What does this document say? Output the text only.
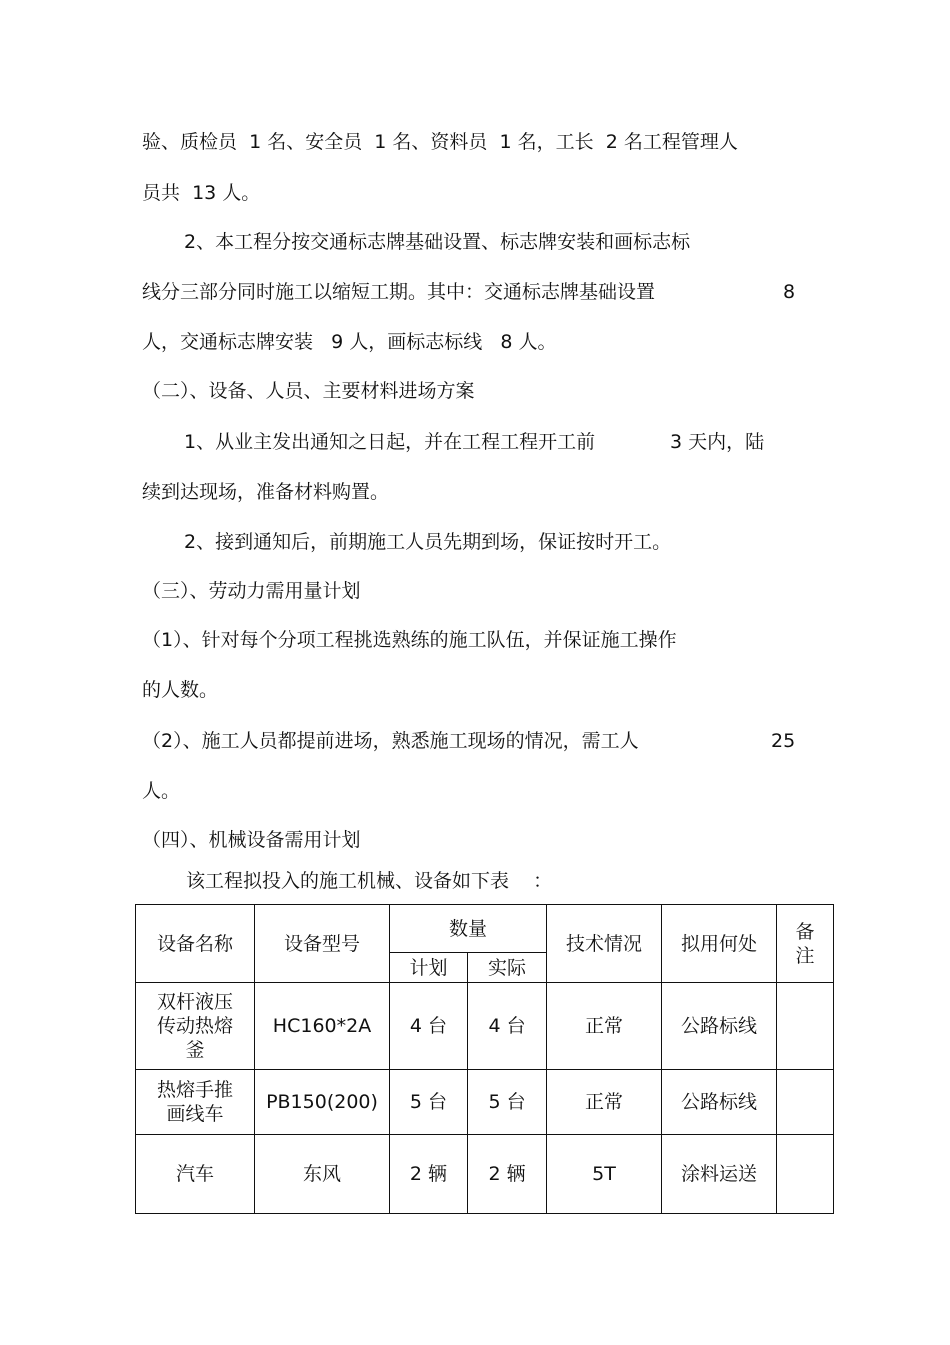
验、质检员  1 名、安全员  1 名、资料员  1 名，工长  2 名工程管理人
员共  13 人。
2、本工程分按交通标志牌基础设置、标志牌安装和画标志标
线分三部分同时施工以缩短工期。其中：交通标志牌基础设置	8
人，交通标志牌安装   9 人，画标志标线   8 人。
（二）、设备、人员、主要材料进场方案
1、从业主发出通知之日起，并在工程工程开工前	3 天内，陆
续到达现场，准备材料购置。
2、接到通知后，前期施工人员先期到场，保证按时开工。
（三）、劳动力需用量计划
（1）、针对每个分项工程挑选熟练的施工队伍，并保证施工操作
的人数。
（2）、施工人员都提前进场，熟悉施工现场的情况，需工人	25
人。
（四）、机械设备需用计划
该工程拟投入的施工机械、设备如下表    ：
设备名称	设备型号	数量		技术情况	拟用何处	备
注

		计划	实际			

双杆液压
传动热熔
釜	HC160*2A	4 台	4 台	正常	公路标线	

热熔手推
画线车	PB150(200)	5 台	5 台	正常	公路标线	

汽车	东风	2 辆	2 辆	5T	涂料运送	
